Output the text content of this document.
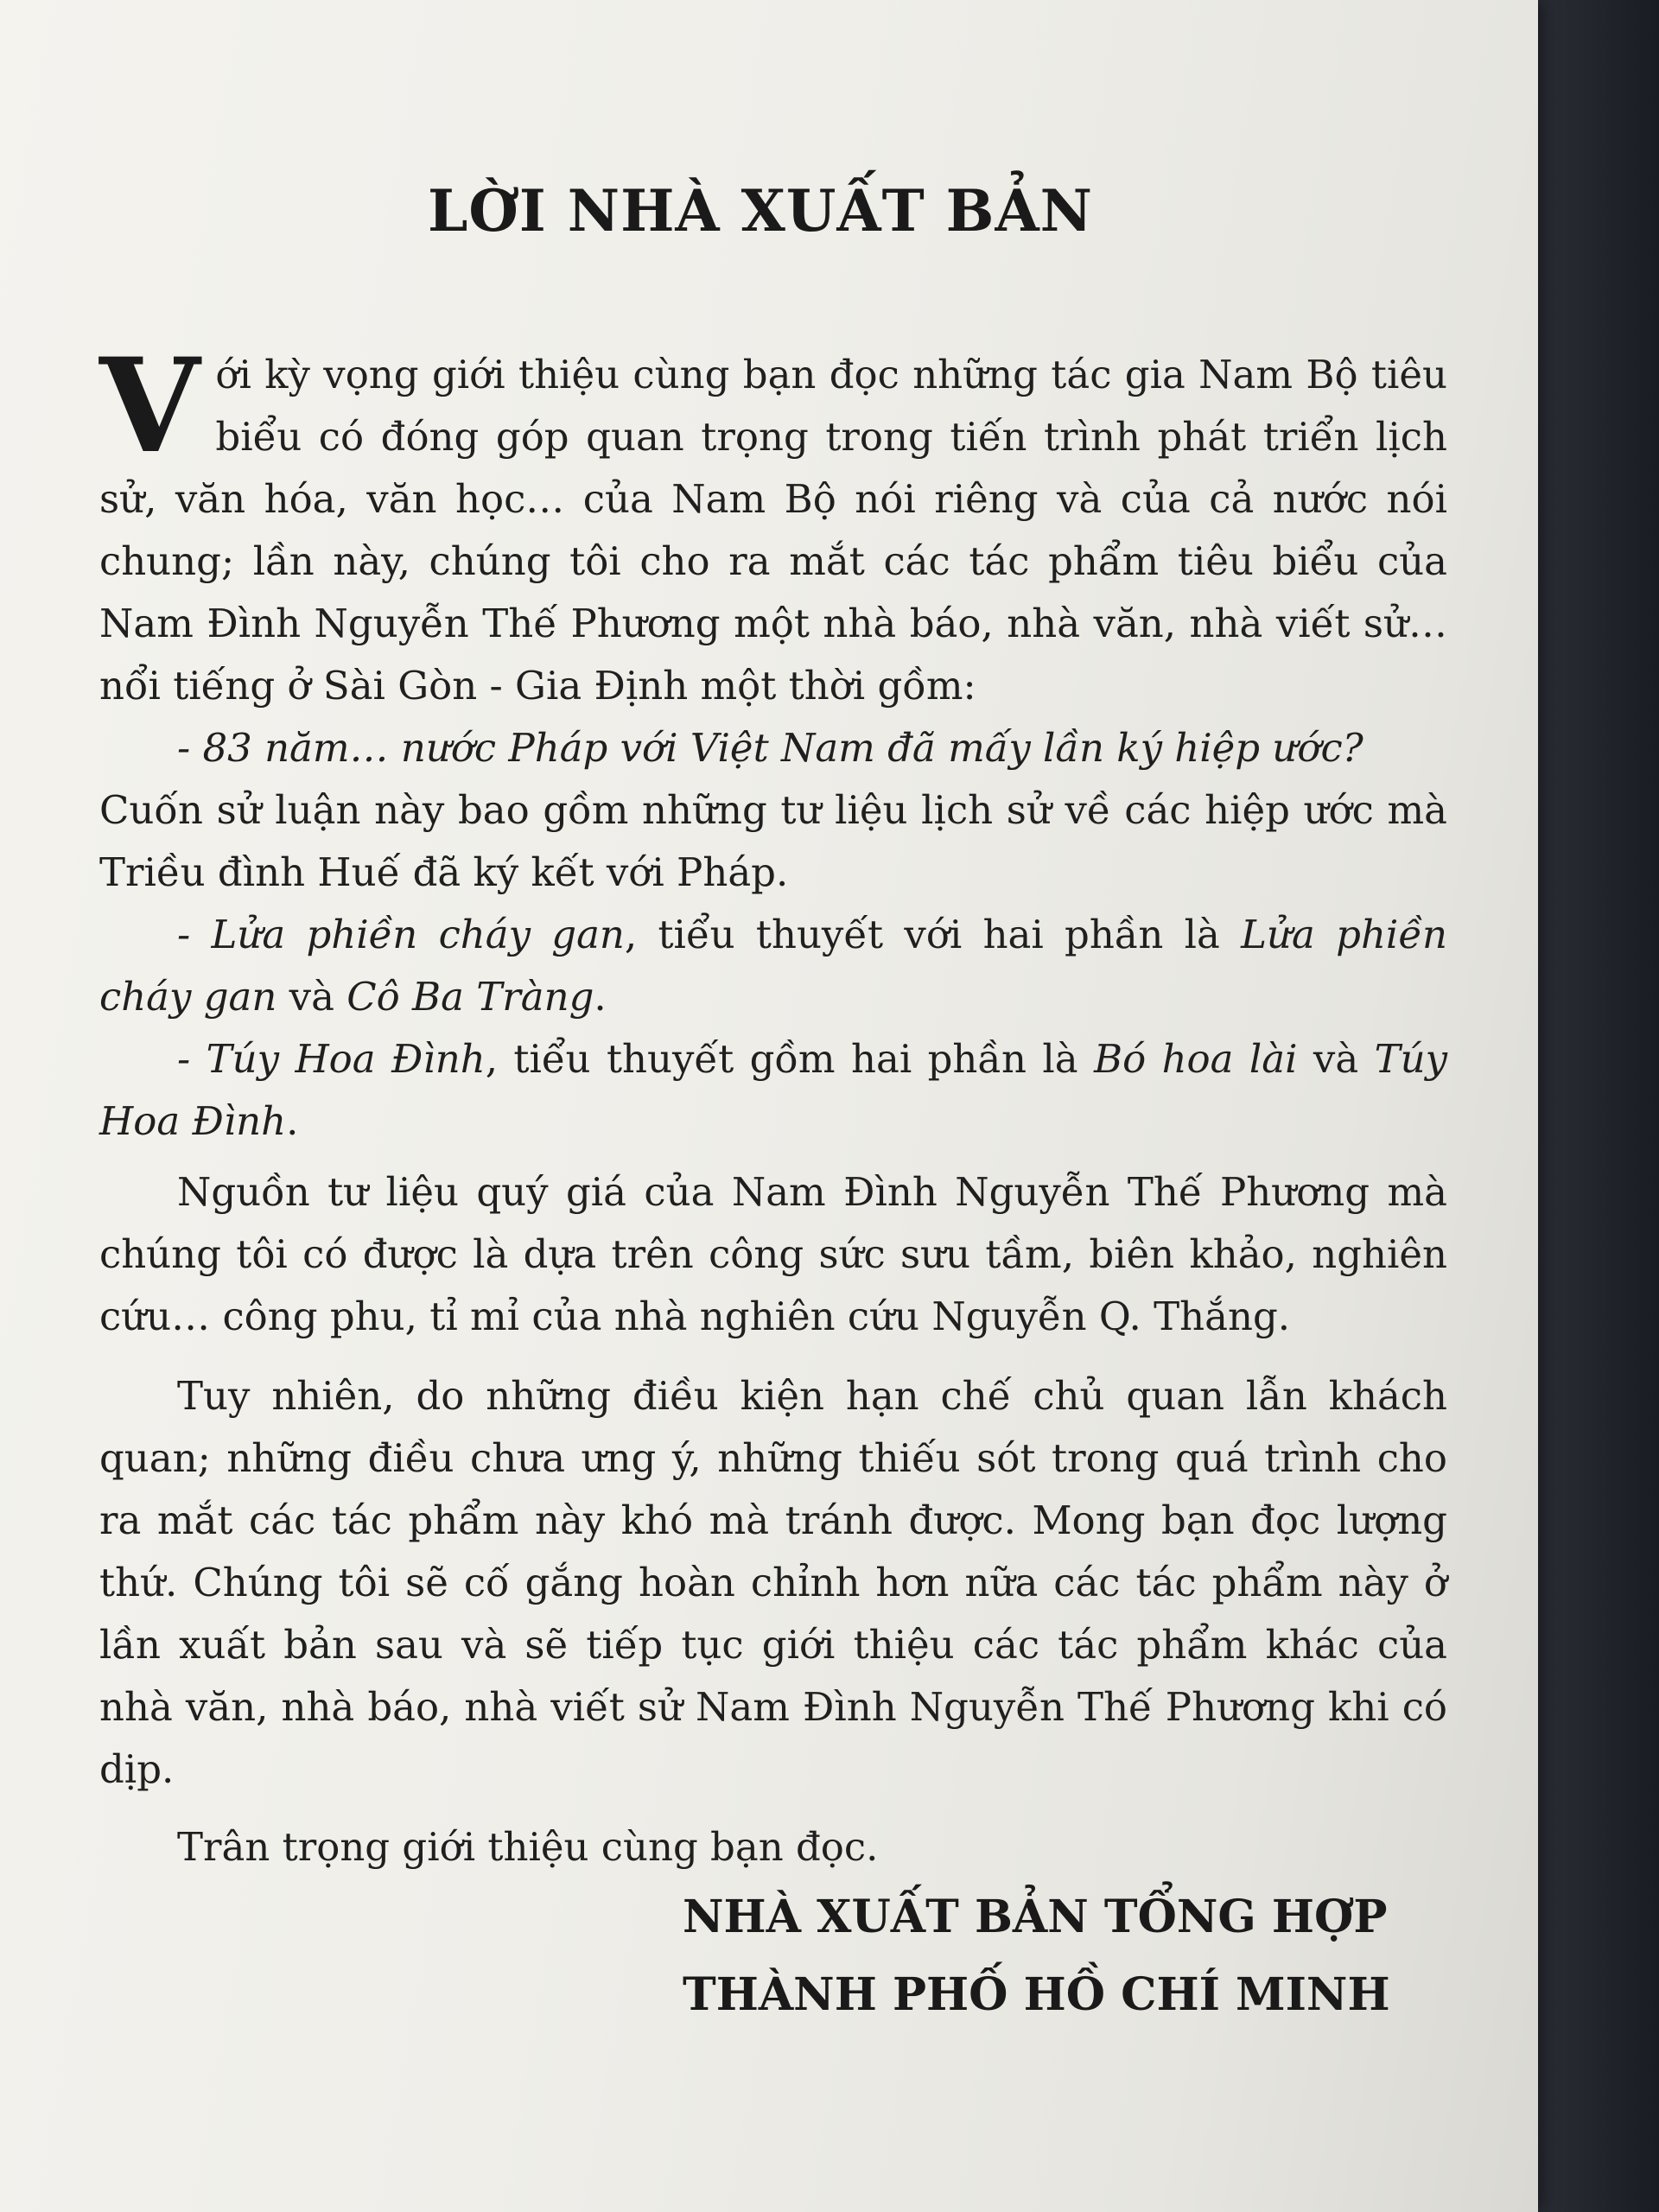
LỜI NHÀ XUẤT BẢN
Với kỳ vọng giới thiệu cùng bạn đọc những tác gia Nam Bộ tiêu biểu có đóng góp quan trọng trong tiến trình phát triển lịch sử, văn hóa, văn học… của Nam Bộ nói riêng và của cả nước nói chung; lần này, chúng tôi cho ra mắt các tác phẩm tiêu biểu của Nam Đình Nguyễn Thế Phương một nhà báo, nhà văn, nhà viết sử… nổi tiếng ở Sài Gòn - Gia Định một thời gồm:
- 83 năm… nước Pháp với Việt Nam đã mấy lần ký hiệp ước?
Cuốn sử luận này bao gồm những tư liệu lịch sử về các hiệp ước mà Triều đình Huế đã ký kết với Pháp.
- Lửa phiền cháy gan, tiểu thuyết với hai phần là Lửa phiền cháy gan và Cô Ba Tràng.
- Túy Hoa Đình, tiểu thuyết gồm hai phần là Bó hoa lài và Túy Hoa Đình.
Nguồn tư liệu quý giá của Nam Đình Nguyễn Thế Phương mà chúng tôi có được là dựa trên công sức sưu tầm, biên khảo, nghiên cứu… công phu, tỉ mỉ của nhà nghiên cứu Nguyễn Q. Thắng.
Tuy nhiên, do những điều kiện hạn chế chủ quan lẫn khách quan; những điều chưa ưng ý, những thiếu sót trong quá trình cho ra mắt các tác phẩm này khó mà tránh được. Mong bạn đọc lượng thứ. Chúng tôi sẽ cố gắng hoàn chỉnh hơn nữa các tác phẩm này ở lần xuất bản sau và sẽ tiếp tục giới thiệu các tác phẩm khác của nhà văn, nhà báo, nhà viết sử Nam Đình Nguyễn Thế Phương khi có dịp.
Trân trọng giới thiệu cùng bạn đọc.
NHÀ XUẤT BẢN TỔNG HỢP
THÀNH PHỐ HỒ CHÍ MINH
